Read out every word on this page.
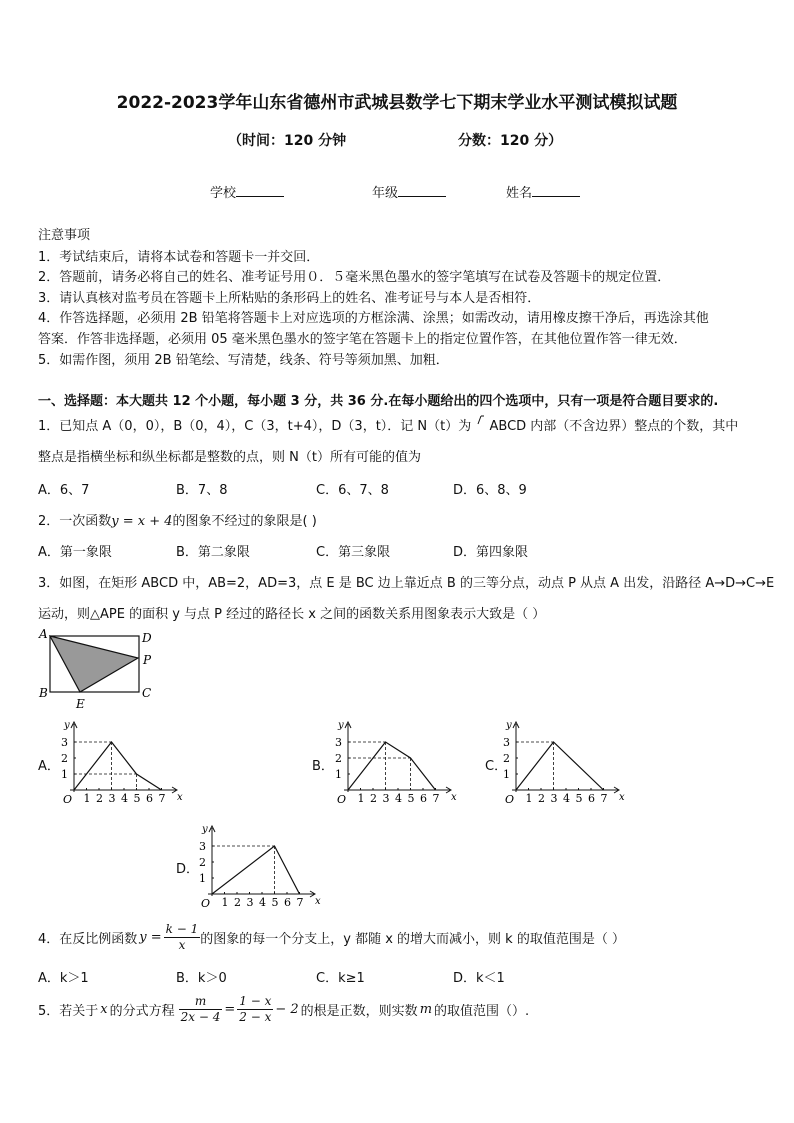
2022-2023学年山东省德州市武城县数学七下期末学业水平测试模拟试题
（时间：120 分钟	分数：120 分）
学校	年级	姓名
注意事项
1．考试结束后，请将本试卷和答题卡一并交回．
2．答题前，请务必将自己的姓名、准考证号用０．５毫米黑色墨水的签字笔填写在试卷及答题卡的规定位置．
3．请认真核对监考员在答题卡上所粘贴的条形码上的姓名、准考证号与本人是否相符．
4．作答选择题，必须用 2B 铅笔将答题卡上对应选项的方框涂满、涂黑；如需改动，请用橡皮擦干净后，再选涂其他
答案．作答非选择题，必须用 05 毫米黑色墨水的签字笔在答题卡上的指定位置作答，在其他位置作答一律无效．
5．如需作图，须用 2B 铅笔绘、写清楚，线条、符号等须加黑、加粗．
一、选择题：本大题共 12 个小题，每小题 3 分，共 36 分.在每小题给出的四个选项中，只有一项是符合题目要求的.
1．已知点 A（0，0），B（0，4），C（3，t+4），D（3，t）．记 N（t）为  ABCD 内部（不含边界）整点的个数，其中
整点是指横坐标和纵坐标都是整数的点，则 N（t）所有可能的值为
A．6、7	B．7、8	C．6、7、8	D．6、8、9
2．一次函数y = x + 4的图象不经过的象限是( )
A．第一象限	B．第二象限	C．第三象限	D．第四象限
3．如图，在矩形 ABCD 中，AB=2，AD=3，点 E 是 BC 边上靠近点 B 的三等分点，动点 P 从点 A 出发，沿路径 A→D→C→E
运动，则△APE 的面积 y 与点 P 经过的路径长 x 之间的函数关系用图象表示大致是（ ）
A	D
P
B	C
E
A．
y
x
O 1 2 3 4 5 6 7
1
2
3
B．
y
x
O 1 2 3 4 5 6 7
1
2
3
C．
y
x
O 1 2 3 4 5 6 7
1
2
3
D．
y
x
O 1 2 3 4 5 6 7
1
2
3
4．在反比例函数 $y = \frac{k - 1}{x}$ 的图象的每一个分支上，y 都随 x 的增大而减小，则 k 的取值范围是（ ）
A．k＞1	B．k＞0	C．k≥1	D．k＜1
5．若关于 x 的分式方程 $\frac{m}{2x - 4} = \frac{1 - x}{2 - x} - 2$ 的根是正数，则实数 m 的取值范围（）.
